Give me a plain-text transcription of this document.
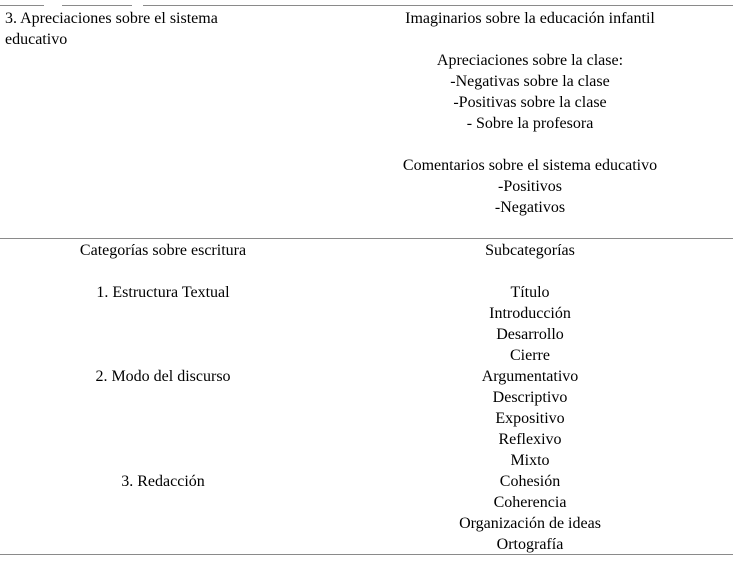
3. Apreciaciones sobre el sistema educativo
Imaginarios sobre la educación infantil
Apreciaciones sobre la clase:
-Negativas sobre la clase
-Positivas sobre la clase
- Sobre la profesora
Comentarios sobre el sistema educativo
-Positivos
-Negativos
Categorías sobre escritura
1. Estructura Textual
2. Modo del discurso
3. Redacción
Subcategorías
Título
Introducción
Desarrollo
Cierre
Argumentativo
Descriptivo
Expositivo
Reflexivo
Mixto
Cohesión
Coherencia
Organización de ideas
Ortografía
